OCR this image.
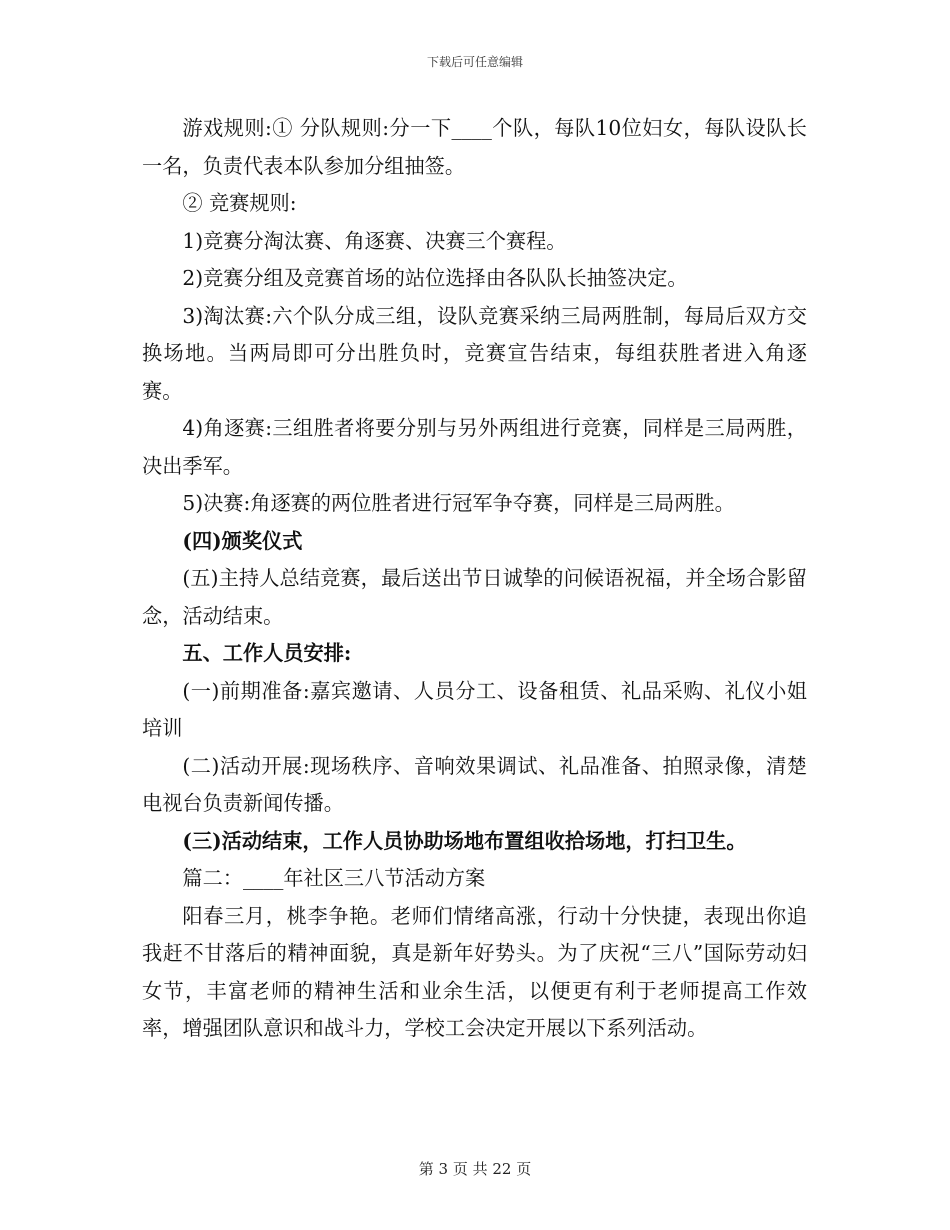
下载后可任意编辑

游戏规则:① 分队规则:分一下____个队，每队10位妇女，每队设队长一名，负责代表本队参加分组抽签。

② 竞赛规则:

1)竞赛分淘汰赛、角逐赛、决赛三个赛程。

2)竞赛分组及竞赛首场的站位选择由各队队长抽签决定。

3)淘汰赛:六个队分成三组，设队竞赛采纳三局两胜制，每局后双方交换场地。当两局即可分出胜负时，竞赛宣告结束，每组获胜者进入角逐赛。

4)角逐赛:三组胜者将要分别与另外两组进行竞赛，同样是三局两胜，决出季军。

5)决赛:角逐赛的两位胜者进行冠军争夺赛，同样是三局两胜。

(四)颁奖仪式

(五)主持人总结竞赛，最后送出节日诚挚的问候语祝福，并全场合影留念，活动结束。

五、工作人员安排:

(一)前期准备:嘉宾邀请、人员分工、设备租赁、礼品采购、礼仪小姐培训

(二)活动开展:现场秩序、音响效果调试、礼品准备、拍照录像，清楚电视台负责新闻传播。

(三)活动结束，工作人员协助场地布置组收拾场地，打扫卫生。

篇二：____年社区三八节活动方案

阳春三月，桃李争艳。老师们情绪高涨，行动十分快捷，表现出你追我赶不甘落后的精神面貌，真是新年好势头。为了庆祝“三八”国际劳动妇女节，丰富老师的精神生活和业余生活，以便更有利于老师提高工作效率，增强团队意识和战斗力，学校工会决定开展以下系列活动。

第 3 页 共 22 页
